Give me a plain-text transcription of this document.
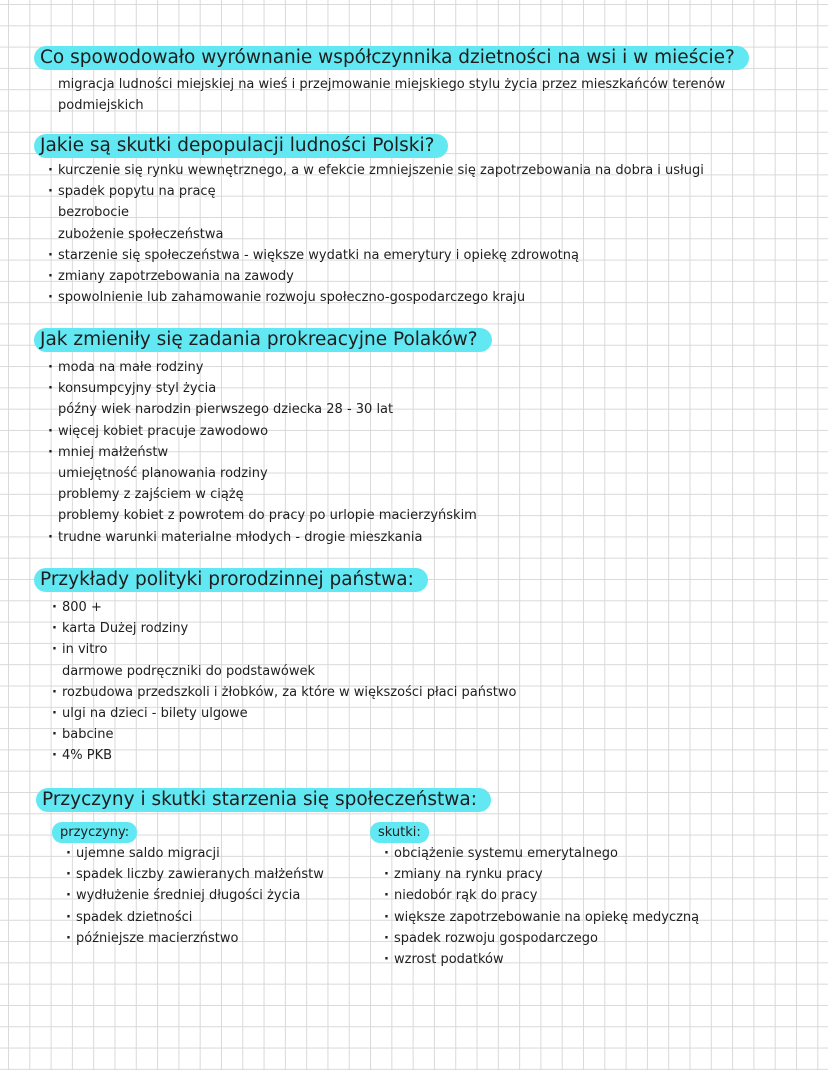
Co spowodowało wyrównanie współczynnika dzietności na wsi i w mieście?
migracja ludności miejskiej na wieś i przejmowanie miejskiego stylu życia przez mieszkańców terenów
podmiejskich
Jakie są skutki depopulacji ludności Polski?
· kurczenie się rynku wewnętrznego, a w efekcie zmniejszenie się zapotrzebowania na dobra i usługi
· spadek popytu na pracę
bezrobocie
zubożenie społeczeństwa
· starzenie się społeczeństwa - większe wydatki na emerytury i opiekę zdrowotną
· zmiany zapotrzebowania na zawody
· spowolnienie lub zahamowanie rozwoju społeczno-gospodarczego kraju
Jak zmieniły się zadania prokreacyjne Polaków?
· moda na małe rodziny
· konsumpcyjny styl życia
późny wiek narodzin pierwszego dziecka 28 - 30 lat
· więcej kobiet pracuje zawodowo
· mniej małżeństw
umiejętność planowania rodziny
problemy z zajściem w ciążę
problemy kobiet z powrotem do pracy po urlopie macierzyńskim
· trudne warunki materialne młodych - drogie mieszkania
Przykłady polityki prorodzinnej państwa:
· 800 +
· karta Dużej rodziny
· in vitro
darmowe podręczniki do podstawówek
· rozbudowa przedszkoli i żłobków, za które w większości płaci państwo
· ulgi na dzieci - bilety ulgowe
· babcine
· 4% PKB
Przyczyny i skutki starzenia się społeczeństwa:
przyczyny:	skutki:
· ujemne saldo migracji
· spadek liczby zawieranych małżeństw
· wydłużenie średniej długości życia
· spadek dzietności
· późniejsze macierzństwo
· obciążenie systemu emerytalnego
· zmiany na rynku pracy
· niedobór rąk do pracy
· większe zapotrzebowanie na opiekę medyczną
· spadek rozwoju gospodarczego
· wzrost podatków
